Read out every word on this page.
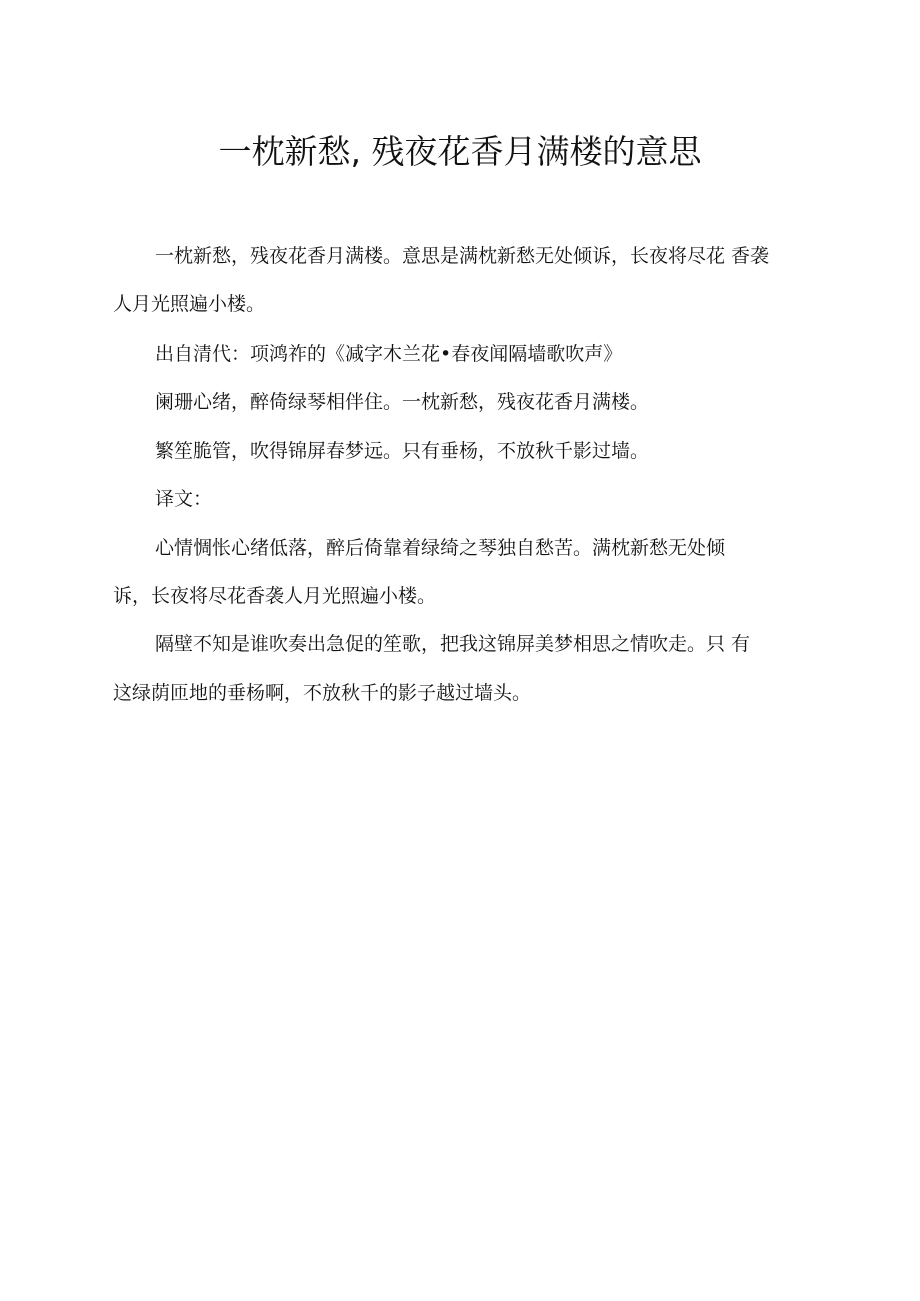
一枕新愁, 残夜花香月满楼的意思

一枕新愁，残夜花香月满楼。意思是满枕新愁无处倾诉，长夜将尽花 香袭

人月光照遍小楼。

出自清代：项鸿祚的《减字木兰花•春夜闻隔墙歌吹声》

阑珊心绪，醉倚绿琴相伴住。一枕新愁，残夜花香月满楼。

繁笙脆管，吹得锦屏春梦远。只有垂杨，不放秋千影过墙。

译文：

心情惆怅心绪低落，醉后倚靠着绿绮之琴独自愁苦。满枕新愁无处倾

诉，长夜将尽花香袭人月光照遍小楼。

隔壁不知是谁吹奏出急促的笙歌，把我这锦屏美梦相思之情吹走。只 有

这绿荫匝地的垂杨啊，不放秋千的影子越过墙头。
